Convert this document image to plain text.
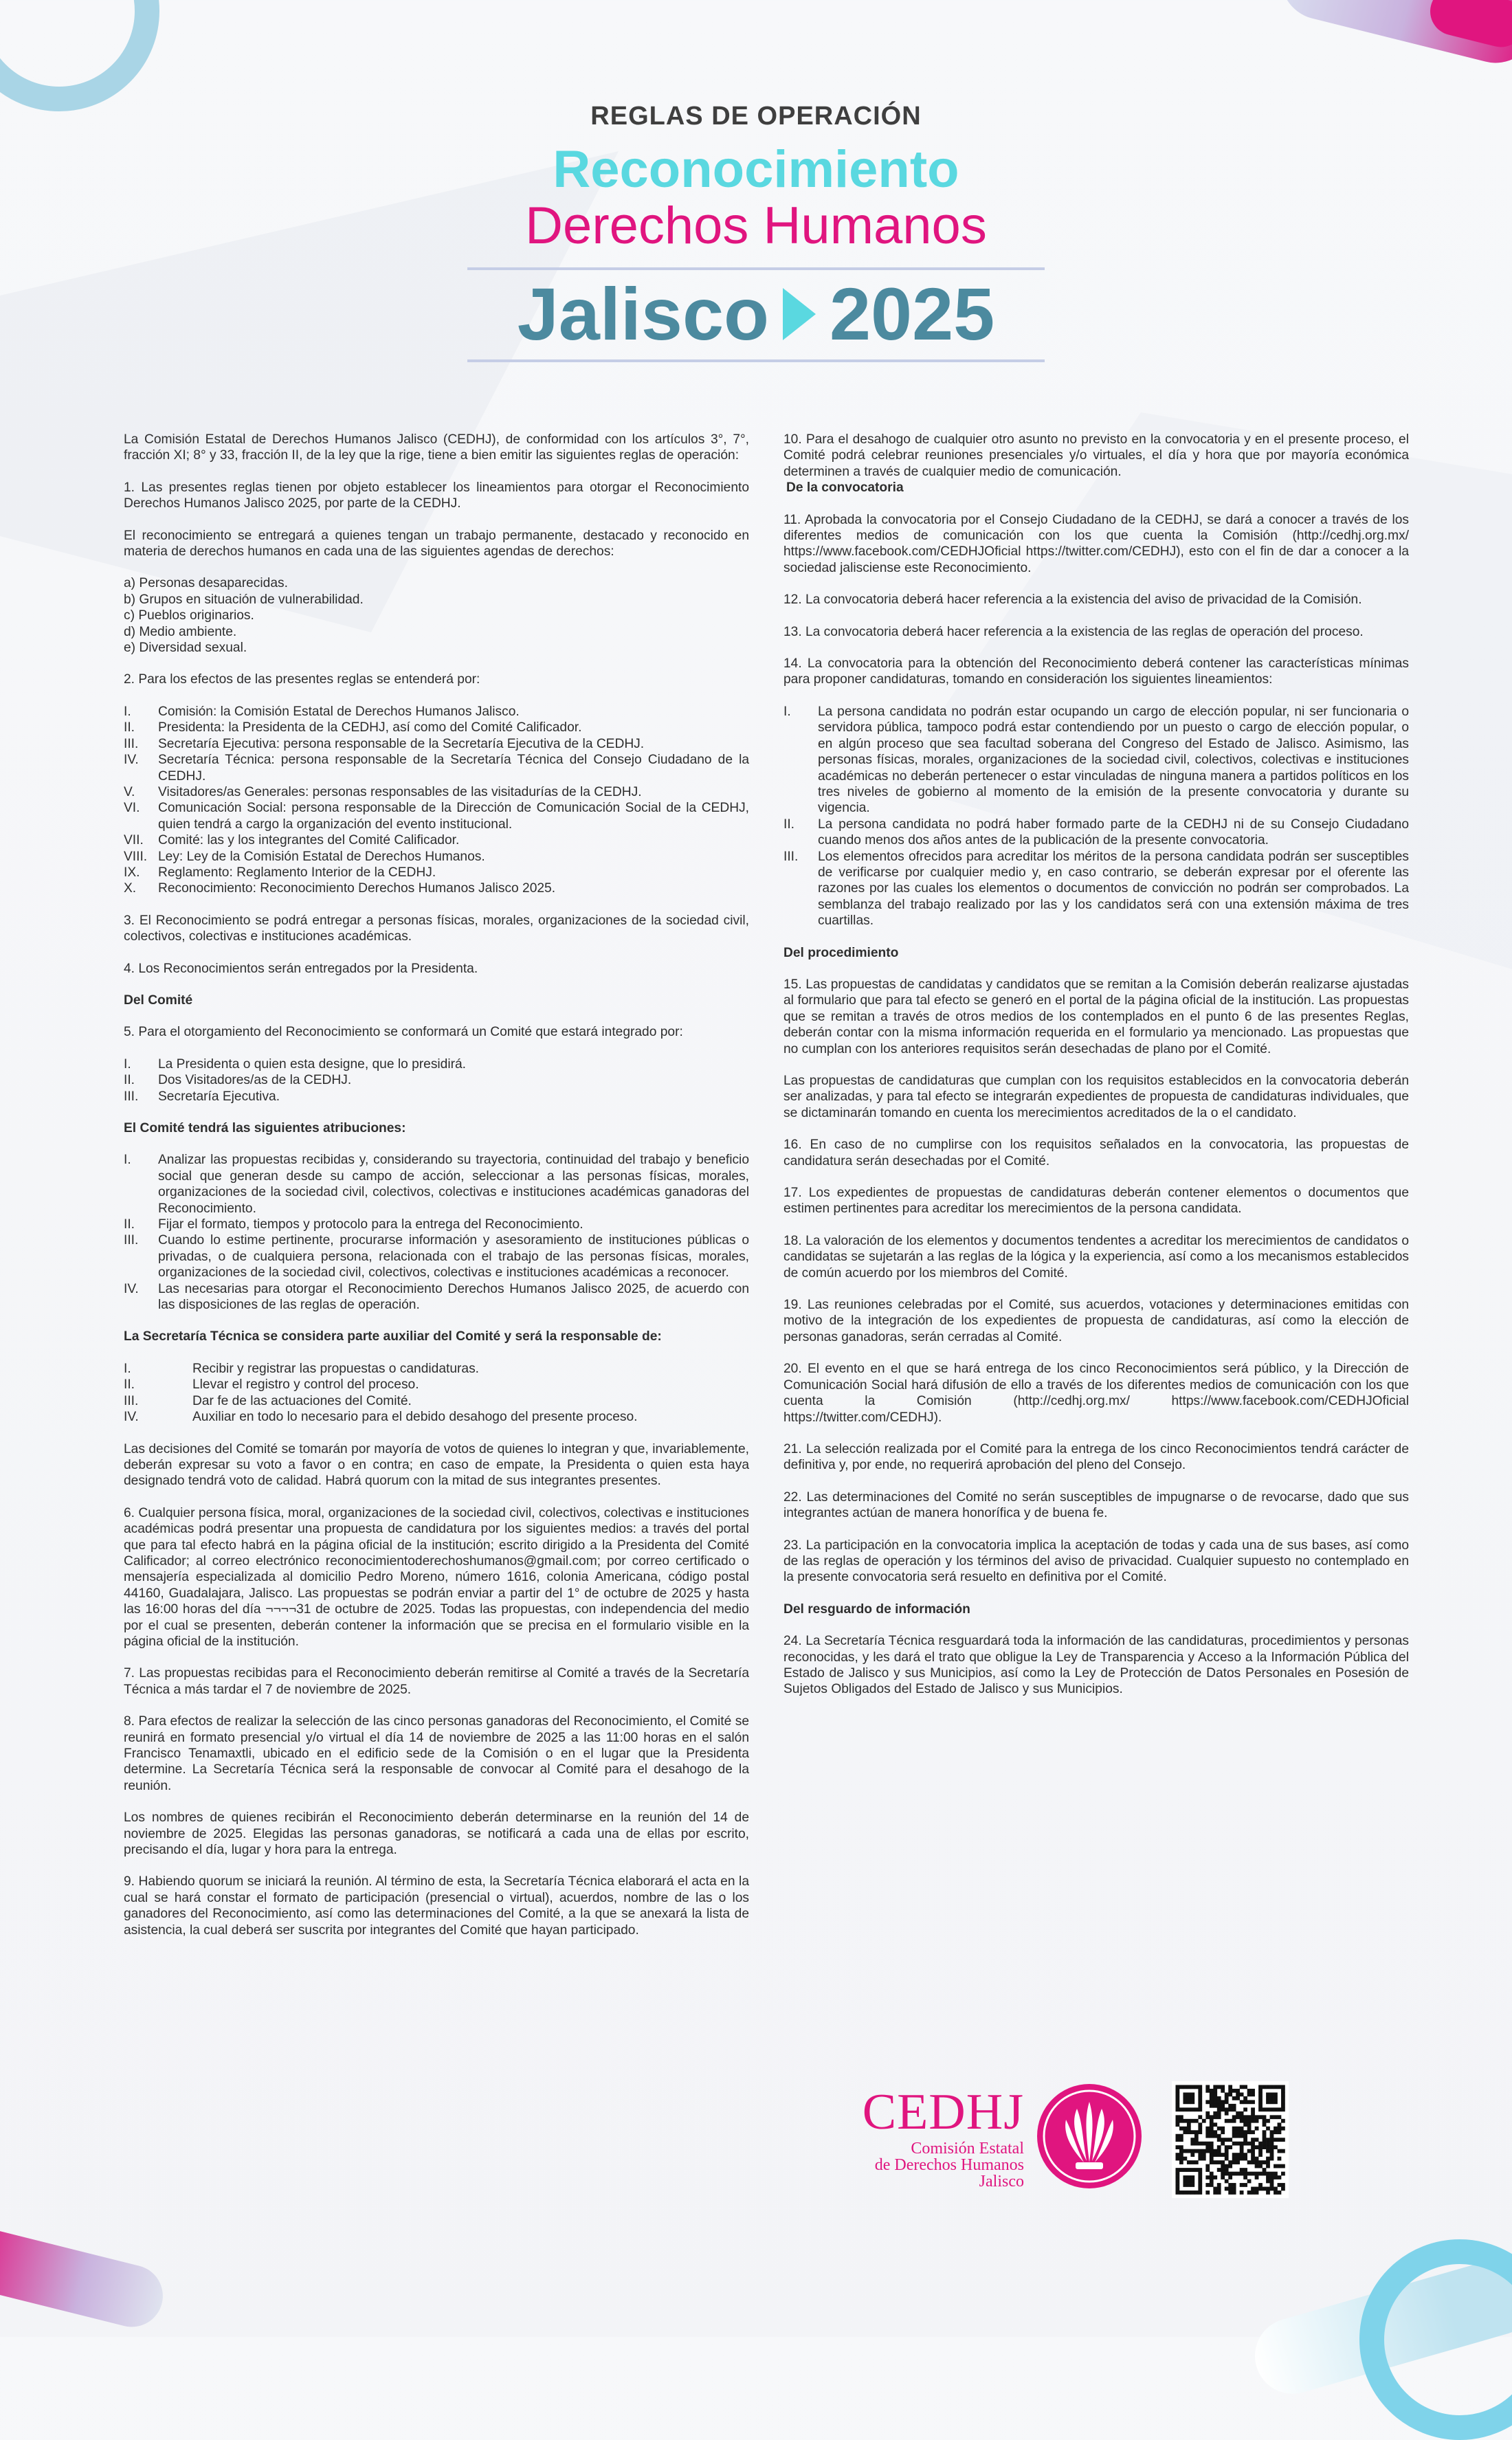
REGLAS DE OPERACIÓN

Reconocimiento

Derechos Humanos

Jalisco 2025

La Comisión Estatal de Derechos Humanos Jalisco (CEDHJ), de conformidad con los artículos 3°, 7°, fracción XI; 8° y 33, fracción II, de la ley que la rige, tiene a bien emitir las siguientes reglas de operación:

1. Las presentes reglas tienen por objeto establecer los lineamientos para otorgar el Reconocimiento Derechos Humanos Jalisco 2025, por parte de la CEDHJ.

El reconocimiento se entregará a quienes tengan un trabajo permanente, destacado y reconocido en materia de derechos humanos en cada una de las siguientes agendas de derechos:

a) Personas desaparecidas.
b) Grupos en situación de vulnerabilidad.
c) Pueblos originarios.
d) Medio ambiente.
e) Diversidad sexual.

2. Para los efectos de las presentes reglas se entenderá por:

I.	Comisión: la Comisión Estatal de Derechos Humanos Jalisco.
II.	Presidenta: la Presidenta de la CEDHJ, así como del Comité Calificador.
III.	Secretaría Ejecutiva: persona responsable de la Secretaría Ejecutiva de la CEDHJ.
IV.	Secretaría Técnica: persona responsable de la Secretaría Técnica del Consejo Ciudadano de la CEDHJ.
V.	Visitadores/as Generales: personas responsables de las visitadurías de la CEDHJ.
VI.	Comunicación Social: persona responsable de la Dirección de Comunicación Social de la CEDHJ, quien tendrá a cargo la organización del evento institucional.
VII.	Comité: las y los integrantes del Comité Calificador.
VIII. Ley: Ley de la Comisión Estatal de Derechos Humanos.
IX.	Reglamento: Reglamento Interior de la CEDHJ.
X.	Reconocimiento: Reconocimiento Derechos Humanos Jalisco 2025.

3. El Reconocimiento se podrá entregar a personas físicas, morales, organizaciones de la sociedad civil, colectivos, colectivas e instituciones académicas.

4. Los Reconocimientos serán entregados por la Presidenta.

Del Comité

5. Para el otorgamiento del Reconocimiento se conformará un Comité que estará integrado por:

I.	La Presidenta o quien esta designe, que lo presidirá.
II.	Dos Visitadores/as de la CEDHJ.
III.	Secretaría Ejecutiva.

El Comité tendrá las siguientes atribuciones:

I.	Analizar las propuestas recibidas y, considerando su trayectoria, continuidad del trabajo y beneficio social que generan desde su campo de acción, seleccionar a las personas físicas, morales, organizaciones de la sociedad civil, colectivos, colectivas e instituciones académicas ganadoras del Reconocimiento.
II.	Fijar el formato, tiempos y protocolo para la entrega del Reconocimiento.
III.	Cuando lo estime pertinente, procurarse información y asesoramiento de instituciones públicas o privadas, o de cualquiera persona, relacionada con el trabajo de las personas físicas, morales, organizaciones de la sociedad civil, colectivos, colectivas e instituciones académicas a reconocer.
IV.	Las necesarias para otorgar el Reconocimiento Derechos Humanos Jalisco 2025, de acuerdo con las disposiciones de las reglas de operación.

La Secretaría Técnica se considera parte auxiliar del Comité y será la responsable de:

I.	Recibir y registrar las propuestas o candidaturas.
II.	Llevar el registro y control del proceso.
III.	Dar fe de las actuaciones del Comité.
IV.	Auxiliar en todo lo necesario para el debido desahogo del presente proceso.

Las decisiones del Comité se tomarán por mayoría de votos de quienes lo integran y que, invariablemente, deberán expresar su voto a favor o en contra; en caso de empate, la Presidenta o quien esta haya designado tendrá voto de calidad. Habrá quorum con la mitad de sus integrantes presentes.

6. Cualquier persona física, moral, organizaciones de la sociedad civil, colectivos, colectivas e instituciones académicas podrá presentar una propuesta de candidatura por los siguientes medios: a través del portal que para tal efecto habrá en la página oficial de la institución; escrito dirigido a la Presidenta del Comité Calificador; al correo electrónico reconocimientoderechoshumanos@gmail.com; por correo certificado o mensajería especializada al domicilio Pedro Moreno, número 1616, colonia Americana, código postal 44160, Guadalajara, Jalisco. Las propuestas se podrán enviar a partir del 1° de octubre de 2025 y hasta las 16:00 horas del día ¬¬¬¬31 de octubre de 2025. Todas las propuestas, con independencia del medio por el cual se presenten, deberán contener la información que se precisa en el formulario visible en la página oficial de la institución.

7. Las propuestas recibidas para el Reconocimiento deberán remitirse al Comité a través de la Secretaría Técnica a más tardar el 7 de noviembre de 2025.

8. Para efectos de realizar la selección de las cinco personas ganadoras del Reconocimiento, el Comité se reunirá en formato presencial y/o virtual el día 14 de noviembre de 2025 a las 11:00 horas en el salón Francisco Tenamaxtli, ubicado en el edificio sede de la Comisión o en el lugar que la Presidenta determine. La Secretaría Técnica será la responsable de convocar al Comité para el desahogo de la reunión.

Los nombres de quienes recibirán el Reconocimiento deberán determinarse en la reunión del 14 de noviembre de 2025. Elegidas las personas ganadoras, se notificará a cada una de ellas por escrito, precisando el día, lugar y hora para la entrega.

9. Habiendo quorum se iniciará la reunión. Al término de esta, la Secretaría Técnica elaborará el acta en la cual se hará constar el formato de participación (presencial o virtual), acuerdos, nombre de las o los ganadores del Reconocimiento, así como las determinaciones del Comité, a la que se anexará la lista de asistencia, la cual deberá ser suscrita por integrantes del Comité que hayan participado.

10. Para el desahogo de cualquier otro asunto no previsto en la convocatoria y en el presente proceso, el Comité podrá celebrar reuniones presenciales y/o virtuales, el día y hora que por mayoría económica determinen a través de cualquier medio de comunicación.

De la convocatoria

11. Aprobada la convocatoria por el Consejo Ciudadano de la CEDHJ, se dará a conocer a través de los diferentes medios de comunicación con los que cuenta la Comisión (http://cedhj.org.mx/ https://www.facebook.com/CEDHJOficial https://twitter.com/CEDHJ), esto con el fin de dar a conocer a la sociedad jalisciense este Reconocimiento.

12. La convocatoria deberá hacer referencia a la existencia del aviso de privacidad de la Comisión.

13. La convocatoria deberá hacer referencia a la existencia de las reglas de operación del proceso.

14. La convocatoria para la obtención del Reconocimiento deberá contener las características mínimas para proponer candidaturas, tomando en consideración los siguientes lineamientos:

I.	La persona candidata no podrán estar ocupando un cargo de elección popular, ni ser funcionaria o servidora pública, tampoco podrá estar contendiendo por un puesto o cargo de elección popular, o en algún proceso que sea facultad soberana del Congreso del Estado de Jalisco. Asimismo, las personas físicas, morales, organizaciones de la sociedad civil, colectivos, colectivas e instituciones académicas no deberán pertenecer o estar vinculadas de ninguna manera a partidos políticos en los tres niveles de gobierno al momento de la emisión de la presente convocatoria y durante su vigencia.
II.	La persona candidata no podrá haber formado parte de la CEDHJ ni de su Consejo Ciudadano cuando menos dos años antes de la publicación de la presente convocatoria.
III.	Los elementos ofrecidos para acreditar los méritos de la persona candidata podrán ser susceptibles de verificarse por cualquier medio y, en caso contrario, se deberán expresar por el oferente las razones por las cuales los elementos o documentos de convicción no podrán ser comprobados. La semblanza del trabajo realizado por las y los candidatos será con una extensión máxima de tres cuartillas.

Del procedimiento

15. Las propuestas de candidatas y candidatos que se remitan a la Comisión deberán realizarse ajustadas al formulario que para tal efecto se generó en el portal de la página oficial de la institución. Las propuestas que se remitan a través de otros medios de los contemplados en el punto 6 de las presentes Reglas, deberán contar con la misma información requerida en el formulario ya mencionado. Las propuestas que no cumplan con los anteriores requisitos serán desechadas de plano por el Comité.

Las propuestas de candidaturas que cumplan con los requisitos establecidos en la convocatoria deberán ser analizadas, y para tal efecto se integrarán expedientes de propuesta de candidaturas individuales, que se dictaminarán tomando en cuenta los merecimientos acreditados de la o el candidato.

16. En caso de no cumplirse con los requisitos señalados en la convocatoria, las propuestas de candidatura serán desechadas por el Comité.

17. Los expedientes de propuestas de candidaturas deberán contener elementos o documentos que estimen pertinentes para acreditar los merecimientos de la persona candidata.

18. La valoración de los elementos y documentos tendentes a acreditar los merecimientos de candidatos o candidatas se sujetarán a las reglas de la lógica y la experiencia, así como a los mecanismos establecidos de común acuerdo por los miembros del Comité.

19. Las reuniones celebradas por el Comité, sus acuerdos, votaciones y determinaciones emitidas con motivo de la integración de los expedientes de propuesta de candidaturas, así como la elección de personas ganadoras, serán cerradas al Comité.

20. El evento en el que se hará entrega de los cinco Reconocimientos será público, y la Dirección de Comunicación Social hará difusión de ello a través de los diferentes medios de comunicación con los que cuenta la Comisión (http://cedhj.org.mx/ https://www.facebook.com/CEDHJOficial https://twitter.com/CEDHJ).

21. La selección realizada por el Comité para la entrega de los cinco Reconocimientos tendrá carácter de definitiva y, por ende, no requerirá aprobación del pleno del Consejo.

22. Las determinaciones del Comité no serán susceptibles de impugnarse o de revocarse, dado que sus integrantes actúan de manera honorífica y de buena fe.

23. La participación en la convocatoria implica la aceptación de todas y cada una de sus bases, así como de las reglas de operación y los términos del aviso de privacidad. Cualquier supuesto no contemplado en la presente convocatoria será resuelto en definitiva por el Comité.

Del resguardo de información

24. La Secretaría Técnica resguardará toda la información de las candidaturas, procedimientos y personas reconocidas, y les dará el trato que obligue la Ley de Transparencia y Acceso a la Información Pública del Estado de Jalisco y sus Municipios, así como la Ley de Protección de Datos Personales en Posesión de Sujetos Obligados del Estado de Jalisco y sus Municipios.

CEDHJ
Comisión Estatal
de Derechos Humanos
Jalisco
